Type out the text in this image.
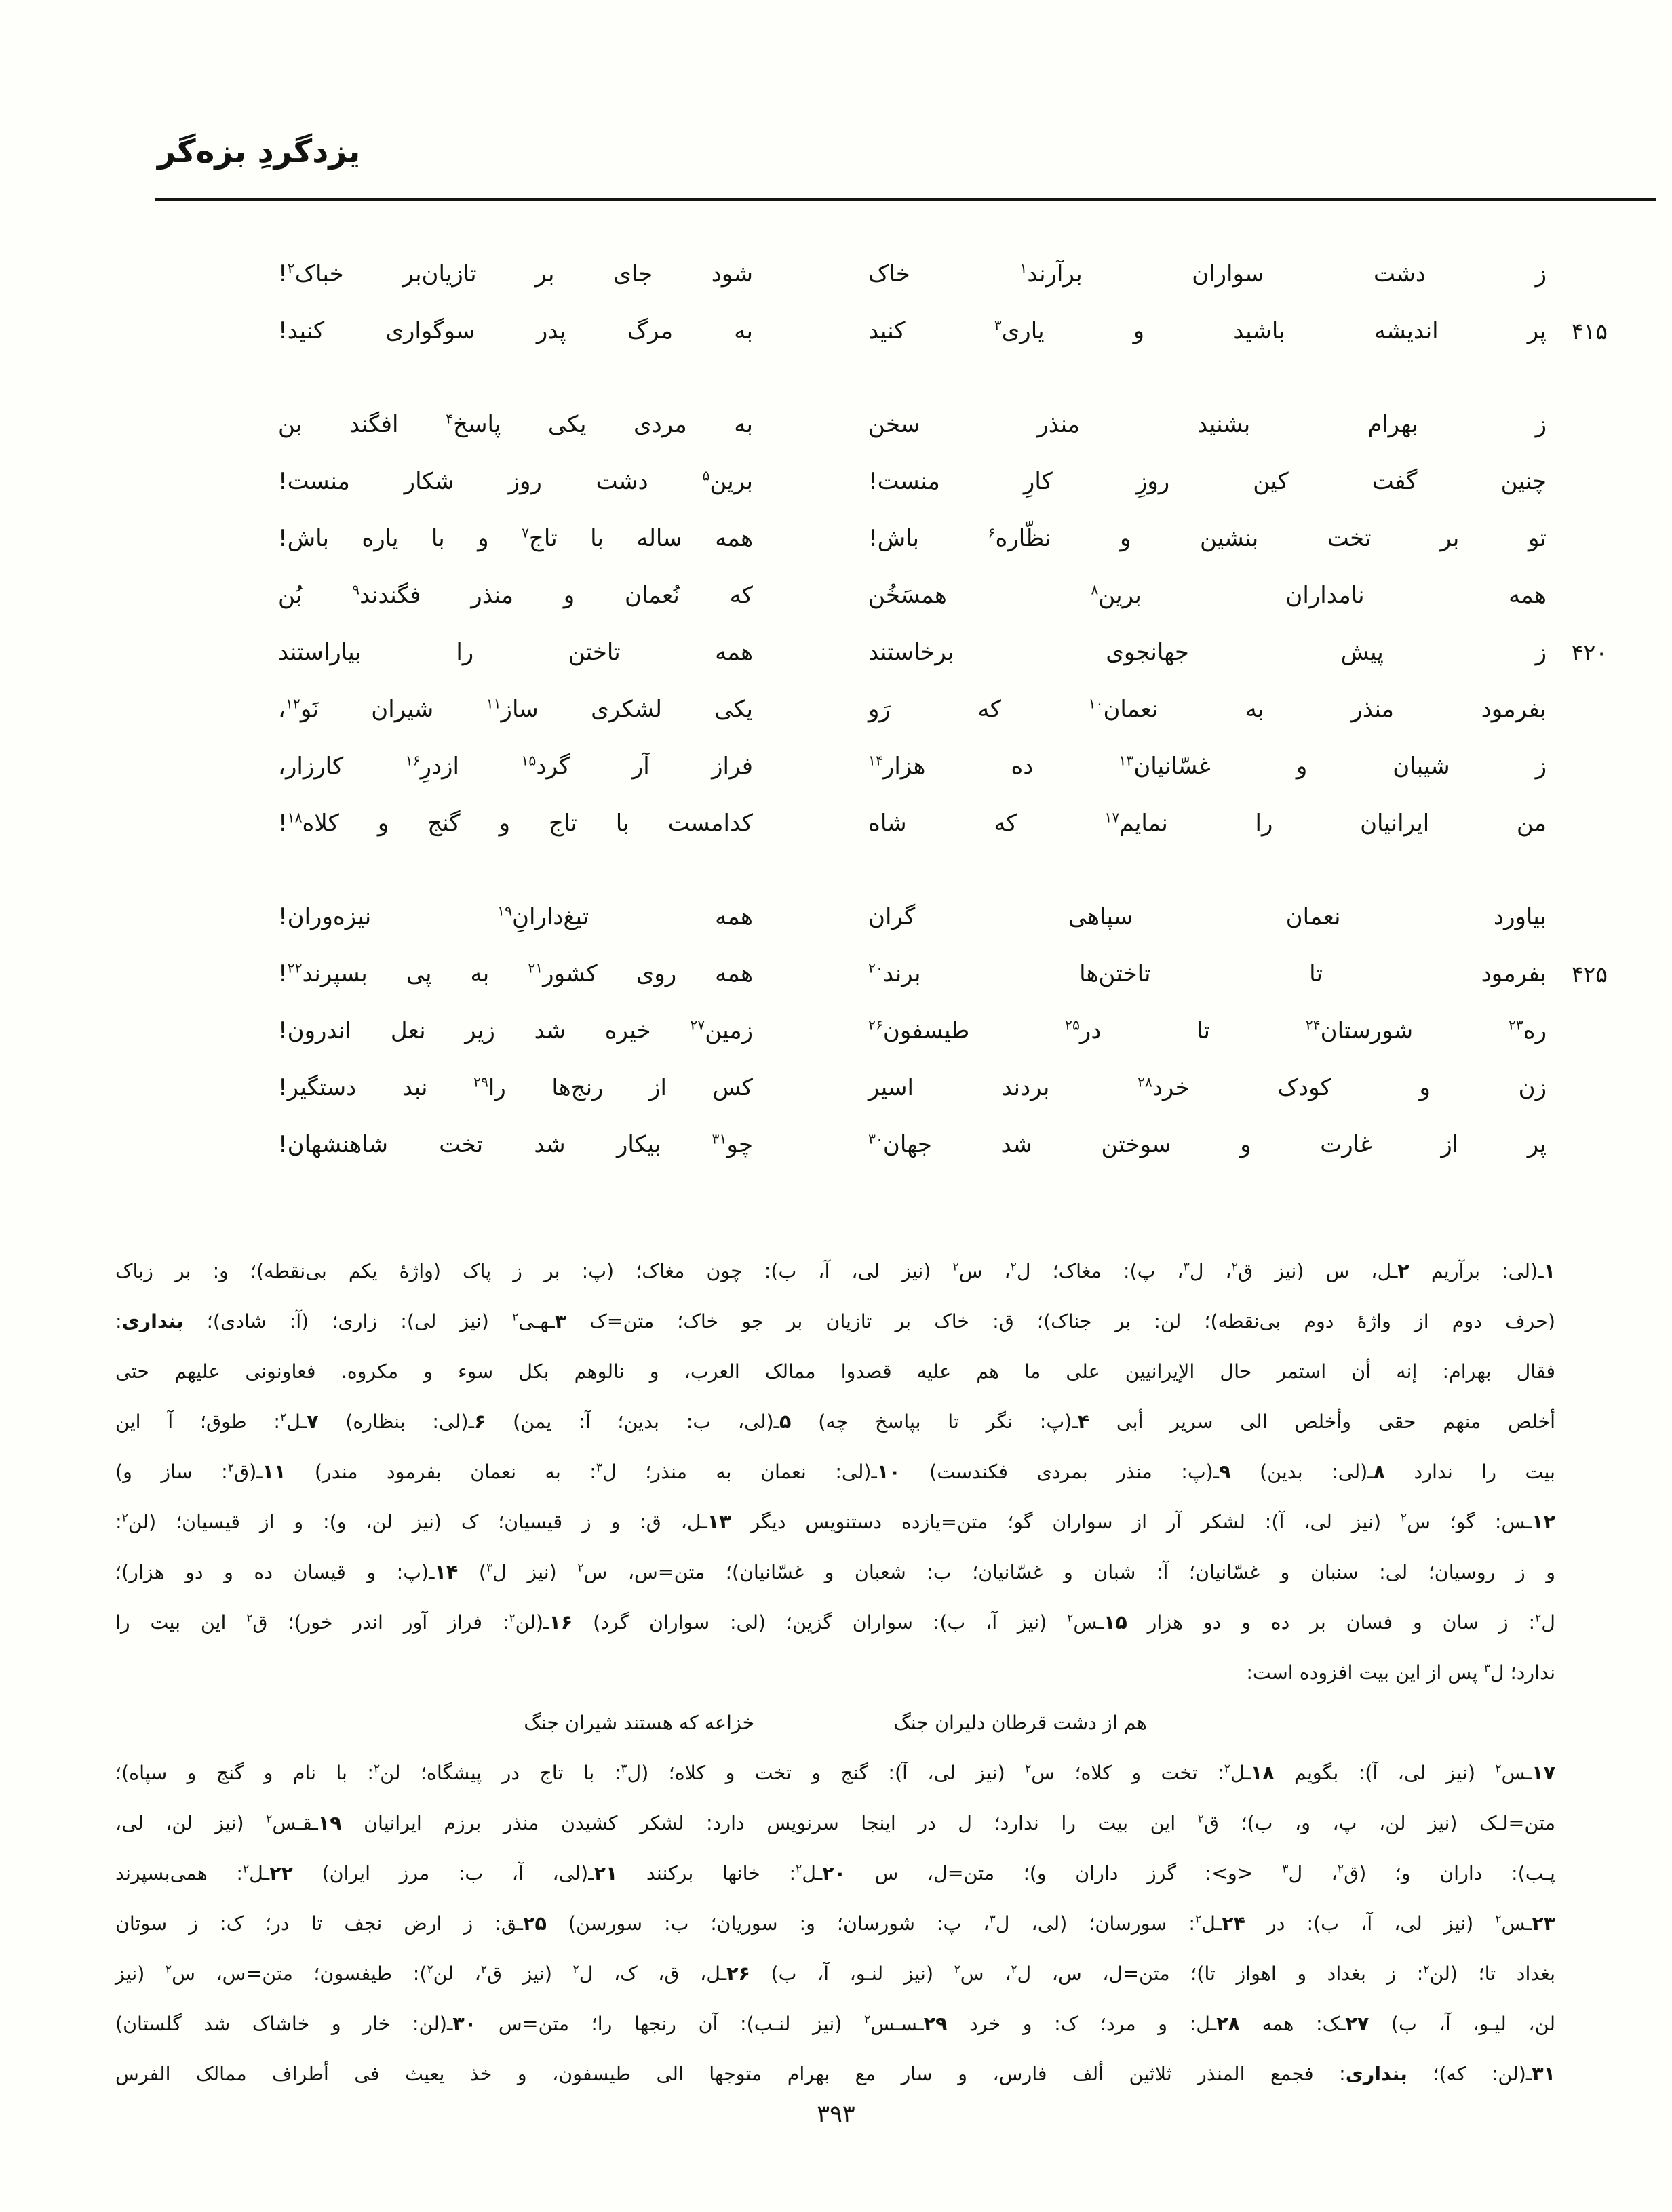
یزدگردِ بزه‌گر
ز دشت سواران برآرند$^۱$ خاک
شود جای بر تازیان‌بر خباک$^۲$!
۴۱۵
پر اندیشه باشید و یاری$^۳$ کنید
به مرگ پدر سوگواری کنید!
ز بهرام بشنید منذر سخن
به مردی یکی پاسخ$^۴$ افگند بن
چنین گفت کین روزِ کارِ منست!
برین$^۵$ دشت روز شکار منست!
تو بر تخت بنشین و نظّاره$^۶$ باش!
همه ساله با تاج$^۷$ و با یاره باش!
همه نامداران برین$^۸$ همسَخُن
که نُعمان و منذر فگندند$^۹$ بُن
۴۲۰
ز پیش جهانجوی برخاستند
همه تاختن را بیاراستند
بفرمود منذر به نعمان$^{۱۰}$ که رَو
یکی لشکری ساز$^{۱۱}$ شیران نَو$^{۱۲}$،
ز شیبان و غسّانیان$^{۱۳}$ ده هزار$^{۱۴}$
فراز آر گرد$^{۱۵}$ ازدرِ$^{۱۶}$ کارزار،
من ایرانیان را نمایم$^{۱۷}$ که شاه
کدامست با تاج و گنج و کلاه$^{۱۸}$!
بیاورد نعمان سپاهی گران
همه تیغ‌دارانِ$^{۱۹}$ نیزه‌وران!
۴۲۵
بفرمود تا تاختن‌ها برند$^{۲۰}$
همه روی کشور$^{۲۱}$ به پی بسپرند$^{۲۲}$!
ره$^{۲۳}$ شورستان$^{۲۴}$ تا در$^{۲۵}$ طیسفون$^{۲۶}$
زمین$^{۲۷}$ خیره شد زیر نعل اندرون!
زن و کودک خرد$^{۲۸}$ بردند اسیر
کس از رنج‌ها را$^{۲۹}$ نبد دستگیر!
پر از غارت و سوختن شد جهان$^{۳۰}$
چو$^{۳۱}$ بیکار شد تخت شاهنشهان!
۱ـ(لی: برآریم ۲ـل، س (نیز ق$^۲$، ل$^۳$، پ): مغاک؛ ل$^۲$، س$^۲$ (نیز لی، آ، ب): چون مغاک؛ (پ: بر ز پاک (واژهٔ یکم بی‌نقطه)؛ و: بر زباک
(حرف دوم از واژهٔ دوم بی‌نقطه)؛ لن: بر جناک)؛ ق: خاک بر تازیان بر جو خاک؛ متن=ک ۳ـه‍ـی$^۲$ (نیز لی): زاری؛ (آ: شادی)؛ بنداری:
فقال بهرام: إنه أن استمر حال الإیرانیین علی ما هم علیه قصدوا ممالک العرب، و نالوهم بکل سوء و مکروه. فعاونونی علیهم حتی
أخلص منهم حقی وأخلص الی سریر أبی ۴ـ(پ: نگر تا بپاسخ چه) ۵ـ(لی، ب: بدین؛ آ: یمن) ۶ـ(لی: بنظاره) ۷ـل$^۲$: طوق؛ آ این
بیت را ندارد ۸ـ(لی: بدین) ۹ـ(پ: منذر بمردی فکندست) ۱۰ـ(لی: نعمان به منذر؛ ل$^۳$: به نعمان بفرمود مندر) ۱۱ـ(ق$^۲$: ساز و)
۱۲ـس: گو؛ س$^۲$ (نیز لی، آ): لشکر آر از سواران گو؛ متن=یازده دستنویس دیگر ۱۳ـل، ق: و ز قیسیان؛ ک (نیز لن، و): و از قیسیان؛ (لن$^۲$:
و ز روسیان؛ لی: سنبان و غسّانیان؛ آ: شبان و غسّانیان؛ ب: شعبان و غسّانیان)؛ متن=س، س$^۲$ (نیز ل$^۳$) ۱۴ـ(پ: و قیسان ده و دو هزار)؛
ل$^۲$: ز سان و فسان بر ده و دو هزار ۱۵ـس$^۲$ (نیز آ، ب): سواران گزین؛ (لی: سواران گرد) ۱۶ـ(لن$^۲$: فراز آور اندر خور)؛ ق$^۲$ این بیت را
ندارد؛ ل$^۳$ پس از این بیت افزوده است:
هم از دشت قرطان دلیران جنگ
خزاعه که هستند شیران جنگ
۱۷ـس$^۲$ (نیز لی، آ): بگویم ۱۸ـل$^۲$: تخت و کلاه؛ س$^۲$ (نیز لی، آ): گنج و تخت و کلاه؛ (ل$^۳$: با تاج در پیشگاه؛ لن$^۲$: با نام و گنج و سپاه)؛
متن=لـک (نیز لن، پ، و، ب)؛ ق$^۲$ این بیت را ندارد؛ ل در اینجا سرنویس دارد: لشکر کشیدن منذر برزم ایرانیان ۱۹ـقـس$^۲$ (نیز لن، لی،
پـب): داران و؛ (ق$^۲$، ل$^۳$ <و>: گرز داران و)؛ متن=ل، س ۲۰ـل$^۲$: خانها برکنند ۲۱ـ(لی، آ، ب: مرز ایران) ۲۲ـل$^۲$: همی‌بسپرند
۲۳ـس$^۲$ (نیز لی، آ، ب): در ۲۴ـل$^۲$: سورسان؛ (لی، ل$^۳$، پ: شورسان؛ و: سوریان؛ ب: سورسن) ۲۵ـق: ز ارض نجف تا در؛ ک: ز سوتان
بغداد تا؛ (لن$^۲$: ز بغداد و اهواز تا)؛ متن=ل، س، ل$^۲$، س$^۲$ (نیز لنـو، آ، ب) ۲۶ـل، ق، ک، ل$^۲$ (نیز ق$^۲$، لن$^۲$): طیفسون؛ متن=س، س$^۲$ (نیز
لن، لیـو، آ، ب) ۲۷ـک: همه ۲۸ـل: و مرد؛ ک: و خرد ۲۹ـسـس$^۲$ (نیز لنـب): آن رنجها را؛ متن=س ۳۰ـ(لن: خار و خاشاک شد گلستان)
۳۱ـ(لن: که)؛ بنداری: فجمع المنذر ثلاثین ألف فارس، و سار مع بهرام متوجها الی طیسفون، و خذ یعیث فی أطراف ممالک الفرس
۳۹۳
